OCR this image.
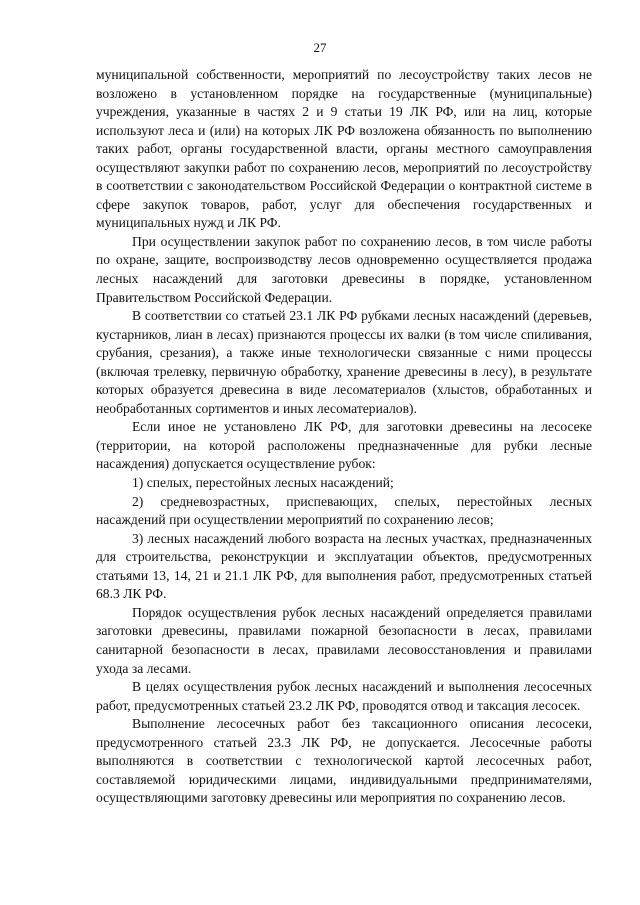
27

муниципальной собственности, мероприятий по лесоустройству таких лесов не возложено в установленном порядке на государственные (муниципальные) учреждения, указанные в частях 2 и 9 статьи 19 ЛК РФ, или на лиц, которые используют леса и (или) на которых ЛК РФ возложена обязанность по выполнению таких работ, органы государственной власти, органы местного самоуправления осуществляют закупки работ по сохранению лесов, мероприятий по лесоустройству в соответствии с законодательством Российской Федерации о контрактной системе в сфере закупок товаров, работ, услуг для обеспечения государственных и муниципальных нужд и ЛК РФ.

При осуществлении закупок работ по сохранению лесов, в том числе работы по охране, защите, воспроизводству лесов одновременно осуществляется продажа лесных насаждений для заготовки древесины в порядке, установленном Правительством Российской Федерации.

В соответствии со статьей 23.1 ЛК РФ рубками лесных насаждений (деревьев, кустарников, лиан в лесах) признаются процессы их валки (в том числе спиливания, срубания, срезания), а также иные технологически связанные с ними процессы (включая трелевку, первичную обработку, хранение древесины в лесу), в результате которых образуется древесина в виде лесоматериалов (хлыстов, обработанных и необработанных сортиментов и иных лесоматериалов).

Если иное не установлено ЛК РФ, для заготовки древесины на лесосеке (территории, на которой расположены предназначенные для рубки лесные насаждения) допускается осуществление рубок:

1) спелых, перестойных лесных насаждений;

2) средневозрастных, приспевающих, спелых, перестойных лесных насаждений при осуществлении мероприятий по сохранению лесов;

3) лесных насаждений любого возраста на лесных участках, предназначенных для строительства, реконструкции и эксплуатации объектов, предусмотренных статьями 13, 14, 21 и 21.1 ЛК РФ, для выполнения работ, предусмотренных статьей 68.3 ЛК РФ.

Порядок осуществления рубок лесных насаждений определяется правилами заготовки древесины, правилами пожарной безопасности в лесах, правилами санитарной безопасности в лесах, правилами лесовосстановления и правилами ухода за лесами.

В целях осуществления рубок лесных насаждений и выполнения лесосечных работ, предусмотренных статьей 23.2 ЛК РФ, проводятся отвод и таксация лесосек.

Выполнение лесосечных работ без таксационного описания лесосеки, предусмотренного статьей 23.3 ЛК РФ, не допускается. Лесосечные работы выполняются в соответствии с технологической картой лесосечных работ, составляемой юридическими лицами, индивидуальными предпринимателями, осуществляющими заготовку древесины или мероприятия по сохранению лесов.
